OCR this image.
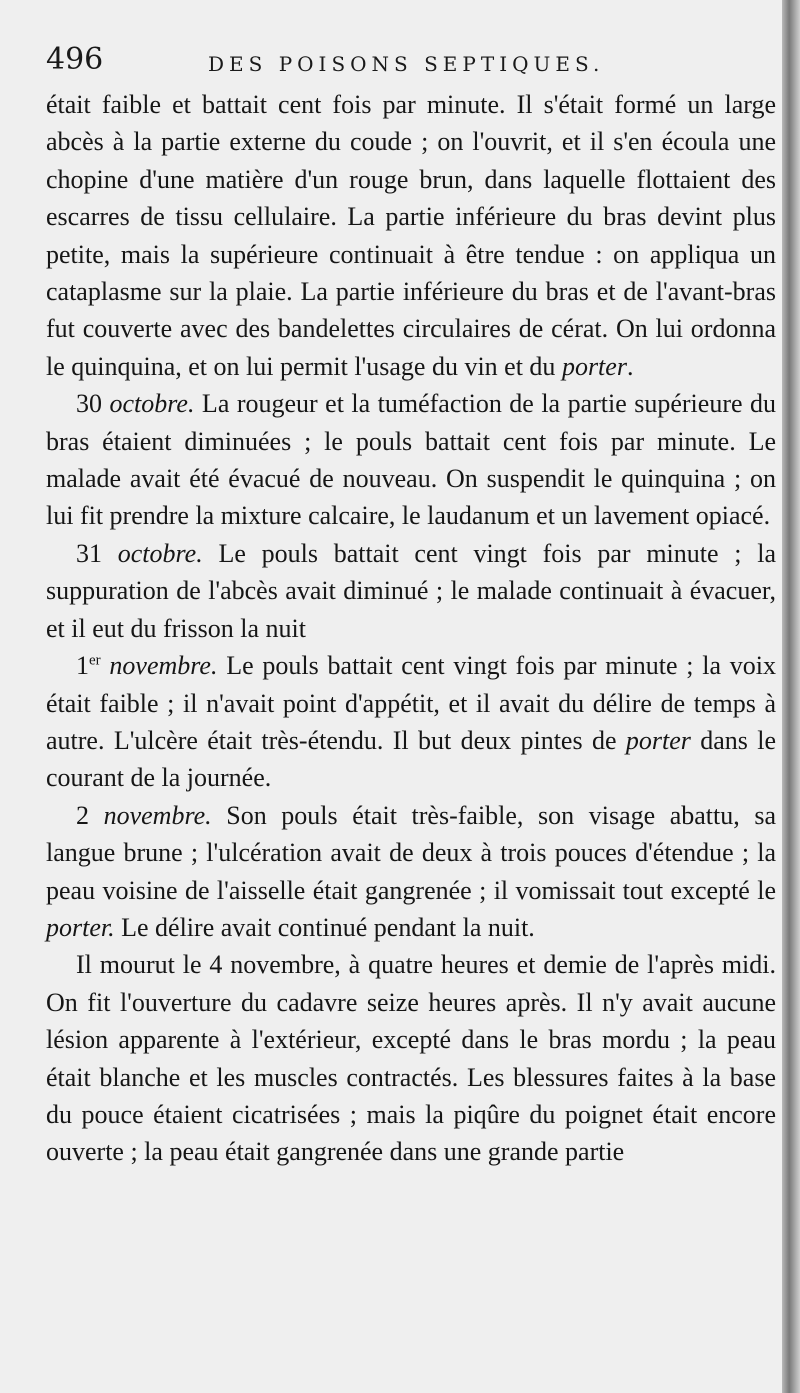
496	DES POISONS SEPTIQUES.

était faible et battait cent fois par minute. Il s'était formé un large abcès à la partie externe du coude ; on l'ouvrit, et il s'en écoula une chopine d'une matière d'un rouge brun, dans laquelle flottaient des escarres de tissu cellulaire. La partie inférieure du bras devint plus petite, mais la supérieure continuait à être tendue : on appliqua un cataplasme sur la plaie. La partie inférieure du bras et de l'avant-bras fut couverte avec des bandelettes circulaires de cérat. On lui ordonna le quinquina, et on lui permit l'usage du vin et du porter.

30 octobre. La rougeur et la tuméfaction de la partie supérieure du bras étaient diminuées ; le pouls battait cent fois par minute. Le malade avait été évacué de nouveau. On suspendit le quinquina ; on lui fit prendre la mixture calcaire, le laudanum et un lavement opiacé.

31 octobre. Le pouls battait cent vingt fois par minute ; la suppuration de l'abcès avait diminué ; le malade continuait à évacuer, et il eut du frisson la nuit

1er novembre. Le pouls battait cent vingt fois par minute ; la voix était faible ; il n'avait point d'appétit, et il avait du délire de temps à autre. L'ulcère était très-étendu. Il but deux pintes de porter dans le courant de la journée.

2 novembre. Son pouls était très-faible, son visage abattu, sa langue brune ; l'ulcération avait de deux à trois pouces d'étendue ; la peau voisine de l'aisselle était gangrenée ; il vomissait tout excepté le porter. Le délire avait continué pendant la nuit.

Il mourut le 4 novembre, à quatre heures et demie de l'après midi. On fit l'ouverture du cadavre seize heures après. Il n'y avait aucune lésion apparente à l'extérieur, excepté dans le bras mordu ; la peau était blanche et les muscles contractés. Les blessures faites à la base du pouce étaient cicatrisées ; mais la piqûre du poignet était encore ouverte ; la peau était gangrenée dans une grande partie
